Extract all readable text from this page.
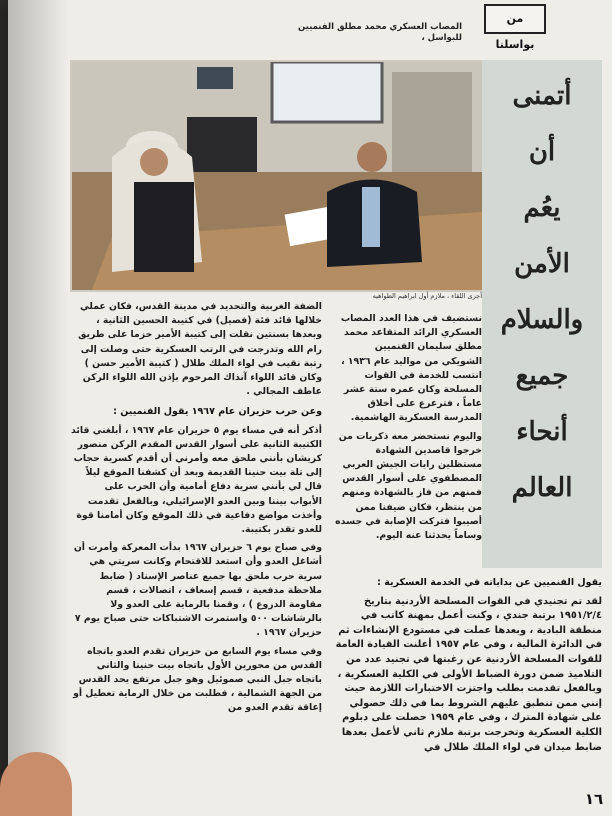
من بواسلنا
المصاب العسكري محمد مطلق الفنميين للبواسل ،
أتمنى
أن
يعُم
الأمن
والسلام
جميع
أنحاء
العالم
أجرى اللقاء ، ملازم أول ابراهيم الطواهيه

نستضيف في هذا العدد المصاب العسكري الرائد المتقاعد محمد مطلق سليمان الفنميين الشويكي من مواليد عام ١٩٣٦ ، انتسب للخدمة في القوات المسلحة وكان عمره ستة عشر عاماً ، فترعرع على أخلاق المدرسة العسكرية الهاشمية.

واليوم نستحضر معه ذكريات من خرجوا قاصدين الشهادة مستظلين رايات الجيش العربي المصطفوي على أسوار القدس فمنهم من فاز بالشهادة ومنهم من ينتظر، فكان ضيفنا ممن أصيبوا فتركت الإصابة في جسده وساماً يحدثنا عنه اليوم.

الضفة الغربية والتحديد في مدينة القدس، فكان عملي خلالها قائد فئة (فصيل) في كتيبة الحسين الثانية ، وبعدها بسنتين نقلت إلى كتيبة الأمير حزما على طريق رام الله وتدرجت في الرتب العسكرية حتى وصلت إلى رتبة نقيب في لواء الملك طلال ( كتيبة الأمير حسن ) وكان قائد اللواء آنذاك المرحوم بإذن الله اللواء الركن عاطف المجالي .

وعن حرب حزيران عام ١٩٦٧ يقول الفنميين :

أذكر أنه في مساء يوم ٥ حزيران عام ١٩٦٧ ، أبلغني قائد الكتيبة الثانية على أسوار القدس المقدم الركن منصور كريشان بأنني ملحق معه وأمرني أن أقدم كسرية حجاب إلى تلة بيت حنينا القديمة وبعد أن كشفنا الموقع ليلاً قال لي بأنني سرية دفاع أمامية وأن الحرب على الأبواب بيننا وبين العدو الإسرائيلي، وبالفعل تقدمت وأخذت مواضع دفاعية في ذلك الموقع وكان أمامنا قوة للعدو تقدر بكتيبة.

وفي صباح يوم ٦ حزيران ١٩٦٧ بدأت المعركة وأمرت أن أشاغل العدو وأن استعد للاقتحام وكانت سريتي هي سرية حرب ملحق بها جميع عناصر الإسناد ( ضابط ملاحظة مدفعية ، قسم إسعاف ، اتصالات ، قسم مقاومة الدروع ) ، وقمنا بالرماية على العدو ولا بالرشاشات ٥٠٠ واستمرت الاشتباكات حتى صباح يوم ٧ حزيران ١٩٦٧ .

وفي مساء يوم السابع من حزيران تقدم العدو باتجاه القدس من محورين الأول باتجاه بيت حنينا والثاني باتجاه جبل النبي صموئيل وهو جبل مرتفع يحد القدس من الجهة الشمالية ، فطلبت من خلال الرماية تعطيل أو إعاقة تقدم العدو من

يقول الفنميين عن بداياته في الخدمة العسكرية :

لقد تم تجنيدي في القوات المسلحة الأردنية بتاريخ ١٩٥١/٢/٤ برتبة جندي ، وكنت أعمل بمهنة كاتب في منطقة البادية ، وبعدها عملت في مستودع الإنشاءات ثم في الدائرة المالية ، وفي عام ١٩٥٧ أعلنت القيادة العامة للقوات المسلحة الأردنية عن رغبتها في تجنيد عدد من التلاميذ ضمن دورة الضباط الأولى في الكلية العسكرية ، وبالفعل تقدمت بطلب واجتزت الاختبارات اللازمة حيث إنني ممن تنطبق عليهم الشروط بما في ذلك حصولي على شهادة المترك ، وفي عام ١٩٥٩ حصلت على دبلوم الكلية العسكرية وتخرجت برتبة ملازم ثاني لأعمل بعدها ضابط ميدان في لواء الملك طلال في

١٦
